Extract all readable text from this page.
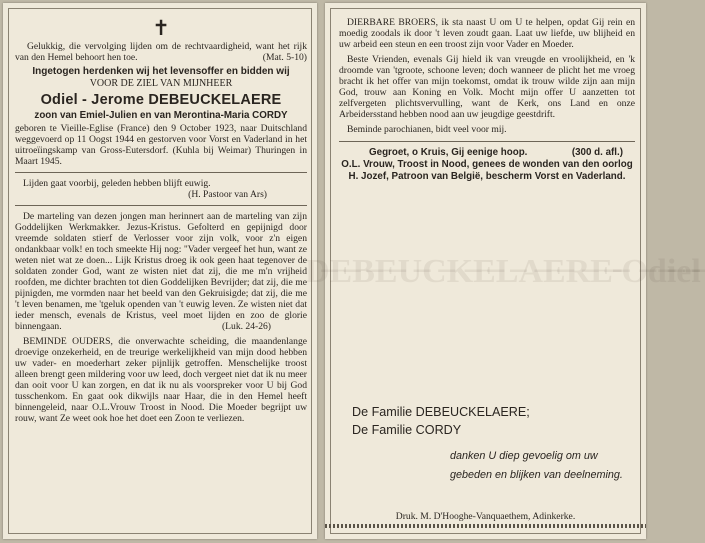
✝

Gelukkig, die vervolging lijden om de rechtvaardigheid, want het rijk van den Hemel behoort hen toe.	(Mat. 5-10)

Ingetogen herdenken wij het levensoffer en bidden wij

VOOR DE ZIEL VAN MIJNHEER

Odiel - Jerome DEBEUCKELAERE

zoon van Emiel-Julien en van Merontina-Maria CORDY

geboren te Vieille-Eglise (France) den 9 October 1923, naar Duitschland weggevoerd op 11 Oogst 1944 en gestorven voor Vorst en Vaderland in het uitroeïingskamp van Gross-Eutersdorf. (Kuhla bij Weimar) Thuringen in Maart 1945.

Lijden gaat voorbij, geleden hebben blijft euwig.

(H. Pastoor van Ars)

De marteling van dezen jongen man herinnert aan de marteling van zijn Goddelijken Werkmakker. Jezus-Kristus. Gefolterd en gepijnigd door vreemde soldaten stierf de Verlosser voor zijn volk, voor z'n eigen ondankbaar volk! en toch smeekte Hij nog: "Vader vergeef het hun, want ze weten niet wat ze doen... Lijk Kristus droeg ik ook geen haat tegenover de soldaten zonder God, want ze wisten niet dat zij, die me m'n vrijheid roofden, me dichter brachten tot dien Goddelijken Bevrijder; dat zij, die me pijnigden, me vormden naar het beeld van den Gekruisigde; dat zij, die me 't leven benamen, me 'tgeluk openden van 't euwig leven. Ze wisten niet dat ieder mensch, evenals de Kristus, veel moet lijden en zoo de glorie binnengaan.	(Luk. 24-26)

BEMINDE OUDERS, die onverwachte scheiding, die maandenlange droevige onzekerheid, en de treurige werkelijkheid van mijn dood hebben uw vader- en moederhart zeker pijnlijk getroffen. Menschelijke troost alleen brengt geen mildering voor uw leed, doch vergeet niet dat ik nu meer dan ooit voor U kan zorgen, en dat ik nu als voorspreker voor U bij God tusschenkom. En gaat ook dikwijls naar Haar, die in den Hemel heeft binnengeleid, naar O.L.Vrouw Troost in Nood. Die Moeder begrijpt uw rouw, want Ze weet ook hoe het doet een Zoon te verliezen.

D̶E̶B̶E̶U̶C̶K̶E̶L̶A̶E̶R̶E̶ ̶O̶d̶i̶e̶l̶

DIERBARE BROERS, ik sta naast U om U te helpen, opdat Gij rein en moedig zoodals ik door 't leven zoudt gaan. Laat uw liefde, uw blijheid en uw arbeid een steun en een troost zijn voor Vader en Moeder.

Beste Vrienden, evenals Gij hield ik van vreugde en vroolijkheid, en 'k droomde van 'tgroote, schoone leven; doch wanneer de plicht het me vroeg bracht ik het offer van mijn toekomst, omdat ik trouw wilde zijn aan mijn God, trouw aan Koning en Volk. Mocht mijn offer U aanzetten tot zelfvergeten plichtsvervulling, want de Kerk, ons Land en onze Arbeidersstand hebben nood aan uw jeugdige geestdrift.

Beminde parochianen, bidt veel voor mij.

Gegroet, o Kruis, Gij eenige hoop.	(300 d. afl.)

O.L. Vrouw, Troost in Nood, genees de wonden van den oorlog

H. Jozef, Patroon van België, bescherm Vorst en Vaderland.

De Familie DEBEUCKELAERE;

De Familie CORDY

danken U diep gevoelig om uw

gebeden en blijken van deelneming.

Druk. M. D'Hooghe-Vanquaethem, Adinkerke.
